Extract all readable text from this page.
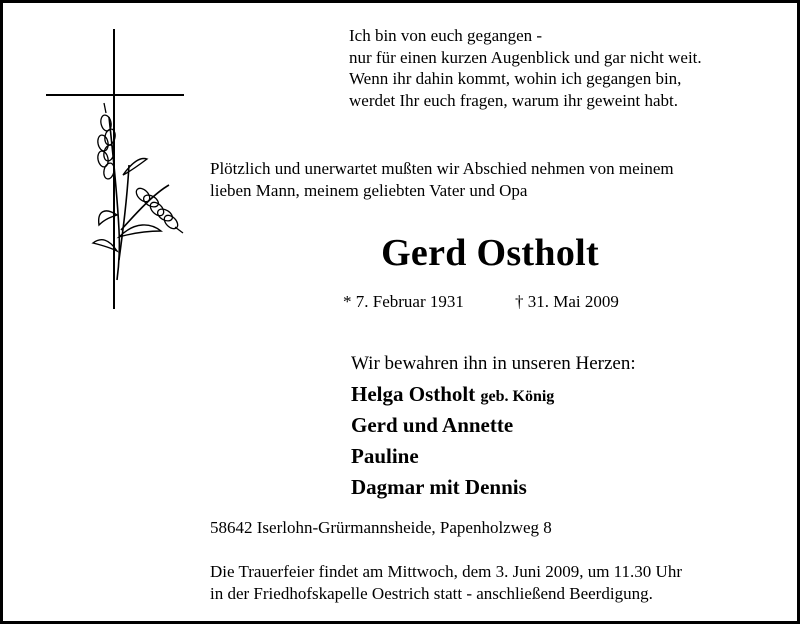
Ich bin von euch gegangen -
nur für einen kurzen Augenblick und gar nicht weit.
Wenn ihr dahin kommt, wohin ich gegangen bin,
werdet Ihr euch fragen, warum ihr geweint habt.
Plötzlich und unerwartet mußten wir Abschied nehmen von meinem
lieben Mann, meinem geliebten Vater und Opa
Gerd Ostholt
* 7. Februar 1931	† 31. Mai 2009
Wir bewahren ihn in unseren Herzen:
Helga Ostholt geb. König
Gerd und Annette
Pauline
Dagmar mit Dennis
58642 Iserlohn-Grürmannsheide, Papenholzweg 8
Die Trauerfeier findet am Mittwoch, dem 3. Juni 2009, um 11.30 Uhr
in der Friedhofskapelle Oestrich statt - anschließend Beerdigung.
